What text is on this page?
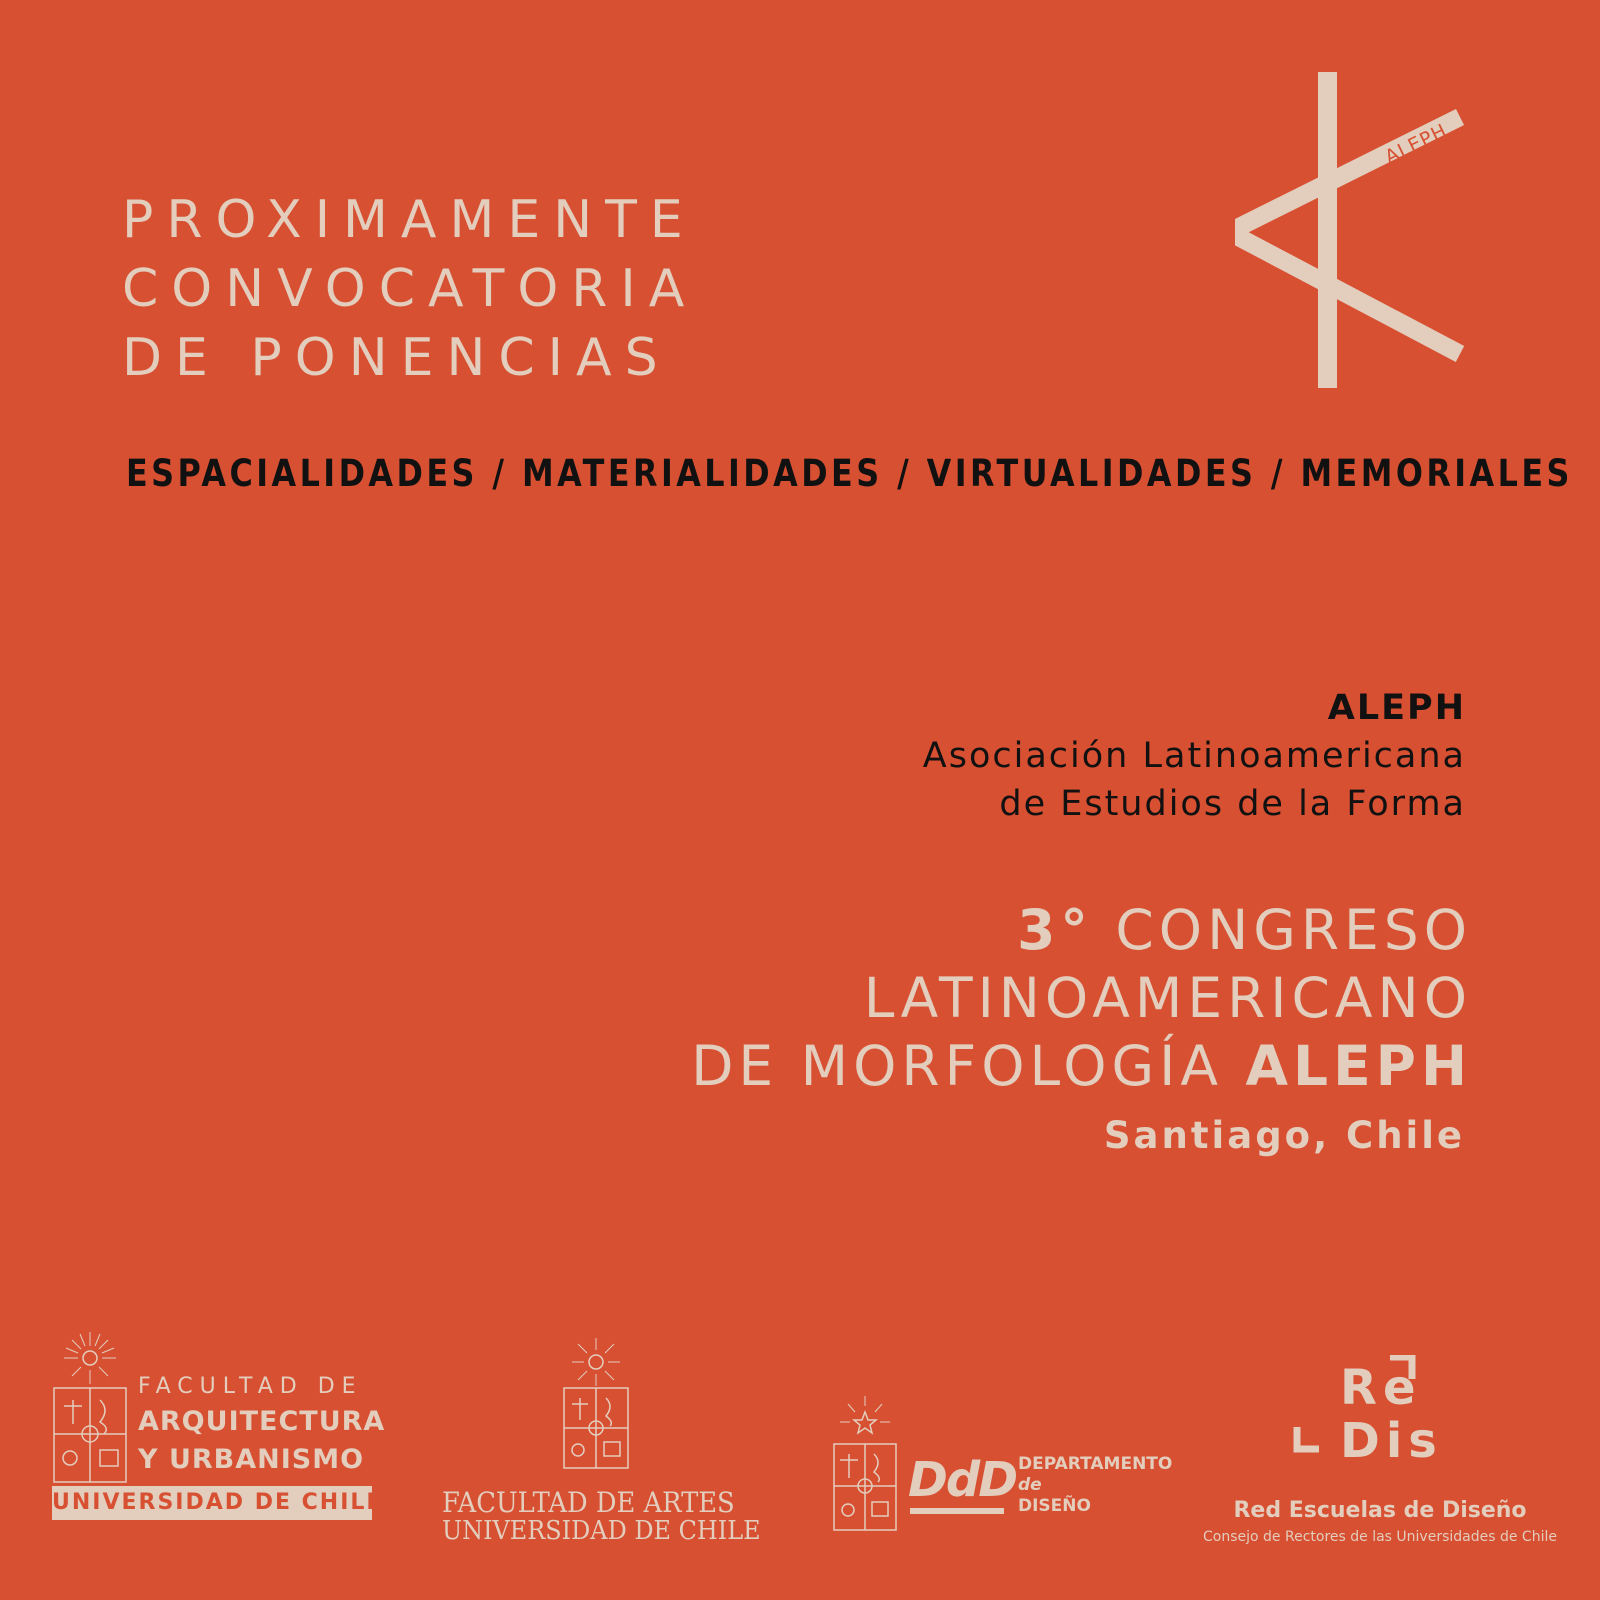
PROXIMAMENTE
CONVOCATORIA
DE PONENCIAS
ALEPH
ESPACIALIDADES / MATERIALIDADES / VIRTUALIDADES / MEMORIALES
ALEPH
Asociación Latinoamericana
de Estudios de la Forma
3° CONGRESO
LATINOAMERICANO
DE MORFOLOGÍA ALEPH
Santiago, Chile
FACULTAD DE
ARQUITECTURA
Y URBANISMO
UNIVERSIDAD DE CHILE FACULTAD DE ARTES
UNIVERSIDAD DE CHILE
DdD DEPARTAMENTO
de
DISEÑO
Re
Dis
Red Escuelas de Diseño
Consejo de Rectores de las Universidades de Chile
